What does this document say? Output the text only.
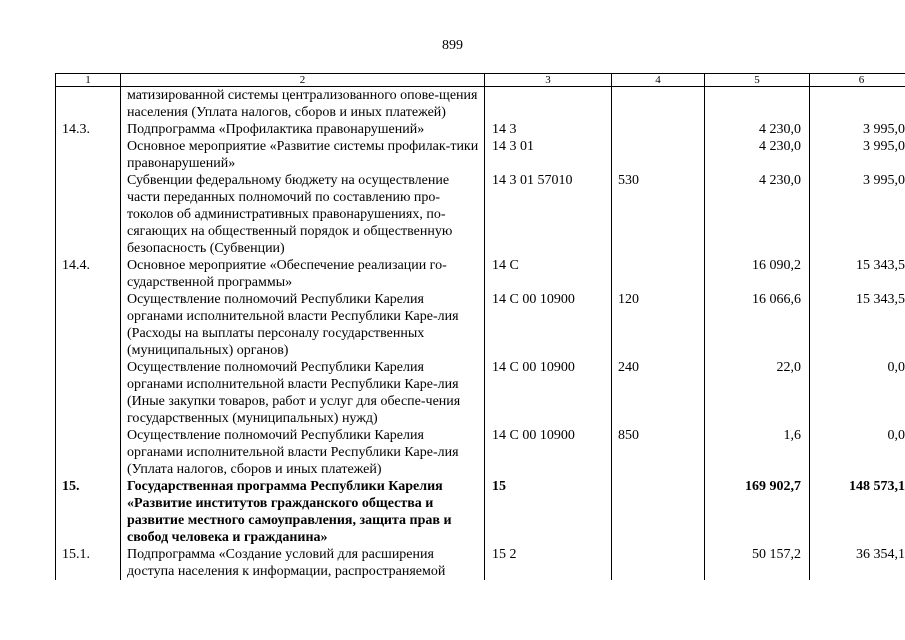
899
1	2	3	4	5	6
	матизированной системы централизованного опове-щения населения (Уплата налогов, сборов и иных платежей)				
14.3.	Подпрограмма «Профилактика правонарушений»	14 3		4 230,0	3 995,0
	Основное мероприятие «Развитие системы профилак-тики правонарушений»	14 3 01		4 230,0	3 995,0
	Субвенции федеральному бюджету на осуществление части переданных полномочий по составлению про-токолов об административных правонарушениях, по-сягающих на общественный порядок и общественную безопасность (Субвенции)	14 3 01 57010	530	4 230,0	3 995,0
14.4.	Основное мероприятие «Обеспечение реализации го-сударственной программы»	14 С		16 090,2	15 343,5
	Осуществление полномочий Республики Карелия органами исполнительной власти Республики Каре-лия (Расходы на выплаты персоналу государственных (муниципальных) органов)	14 С 00 10900	120	16 066,6	15 343,5
	Осуществление полномочий Республики Карелия органами исполнительной власти Республики Каре-лия (Иные закупки товаров, работ и услуг для обеспе-чения государственных (муниципальных) нужд)	14 С 00 10900	240	22,0	0,0
	Осуществление полномочий Республики Карелия органами исполнительной власти Республики Каре-лия (Уплата налогов, сборов и иных платежей)	14 С 00 10900	850	1,6	0,0
15.	Государственная программа Республики Карелия «Развитие институтов гражданского общества и развитие местного самоуправления, защита прав и свобод человека и гражданина»	15		169 902,7	148 573,1
15.1.	Подпрограмма «Создание условий для расширения доступа населения к информации, распространяемой	15 2		50 157,2	36 354,1
